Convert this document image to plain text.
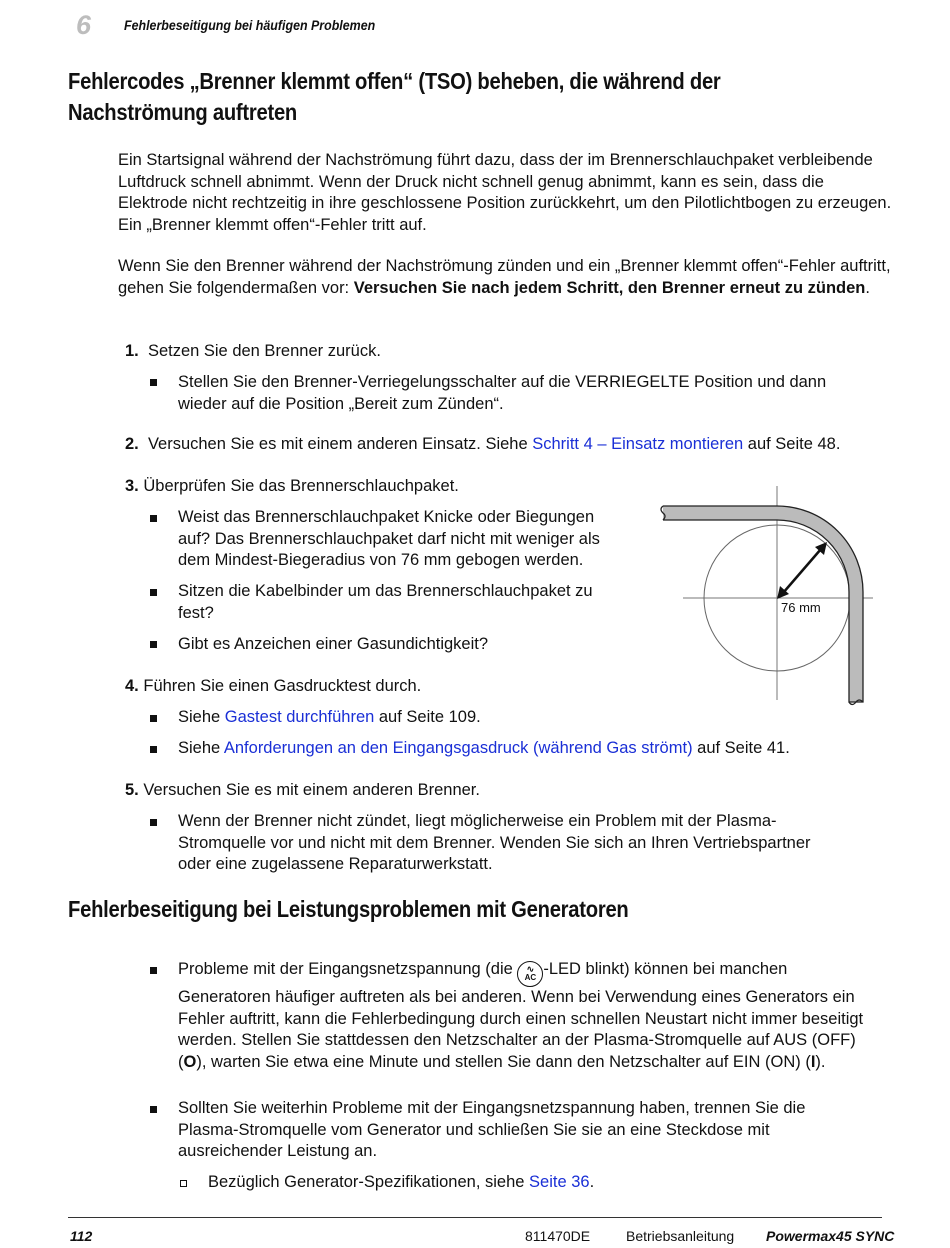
6 Fehlerbeseitigung bei häufigen Problemen
Fehlercodes „Brenner klemmt offen“ (TSO) beheben, die während der Nachströmung auftreten
Ein Startsignal während der Nachströmung führt dazu, dass der im Brennerschlauchpaket verbleibende Luftdruck schnell abnimmt. Wenn der Druck nicht schnell genug abnimmt, kann es sein, dass die Elektrode nicht rechtzeitig in ihre geschlossene Position zurückkehrt, um den Pilotlichtbogen zu erzeugen. Ein „Brenner klemmt offen“-Fehler tritt auf.
Wenn Sie den Brenner während der Nachströmung zünden und ein „Brenner klemmt offen“-Fehler auftritt, gehen Sie folgendermaßen vor: Versuchen Sie nach jedem Schritt, den Brenner erneut zu zünden.
1. Setzen Sie den Brenner zurück.
Stellen Sie den Brenner-Verriegelungsschalter auf die VERRIEGELTE Position und dann wieder auf die Position „Bereit zum Zünden“.
2. Versuchen Sie es mit einem anderen Einsatz. Siehe Schritt 4 – Einsatz montieren auf Seite 48.
3. Überprüfen Sie das Brennerschlauchpaket.
Weist das Brennerschlauchpaket Knicke oder Biegungen auf? Das Brennerschlauchpaket darf nicht mit weniger als dem Mindest-Biegeradius von 76 mm gebogen werden.
Sitzen die Kabelbinder um das Brennerschlauchpaket zu fest?
Gibt es Anzeichen einer Gasundichtigkeit?
76 mm
4. Führen Sie einen Gasdrucktest durch.
Siehe Gastest durchführen auf Seite 109.
Siehe Anforderungen an den Eingangsgasdruck (während Gas strömt) auf Seite 41.
5. Versuchen Sie es mit einem anderen Brenner.
Wenn der Brenner nicht zündet, liegt möglicherweise ein Problem mit der Plasma-Stromquelle vor und nicht mit dem Brenner. Wenden Sie sich an Ihren Vertriebspartner oder eine zugelassene Reparaturwerkstatt.
Fehlerbeseitigung bei Leistungsproblemen mit Generatoren
Probleme mit der Eingangsnetzspannung (die	∿
AC -LED blinkt) können bei manchen Generatoren häufiger auftreten als bei anderen. Wenn bei Verwendung eines Generators ein Fehler auftritt, kann die Fehlerbedingung durch einen schnellen Neustart nicht immer beseitigt werden. Stellen Sie stattdessen den Netzschalter an der Plasma-Stromquelle auf AUS (OFF) (O), warten Sie etwa eine Minute und stellen Sie dann den Netzschalter auf EIN (ON) (I).
Sollten Sie weiterhin Probleme mit der Eingangsnetzspannung haben, trennen Sie die Plasma-Stromquelle vom Generator und schließen Sie sie an eine Steckdose mit ausreichender Leistung an.
Bezüglich Generator-Spezifikationen, siehe Seite 36.
112	811470DE	Betriebsanleitung Powermax45 SYNC
